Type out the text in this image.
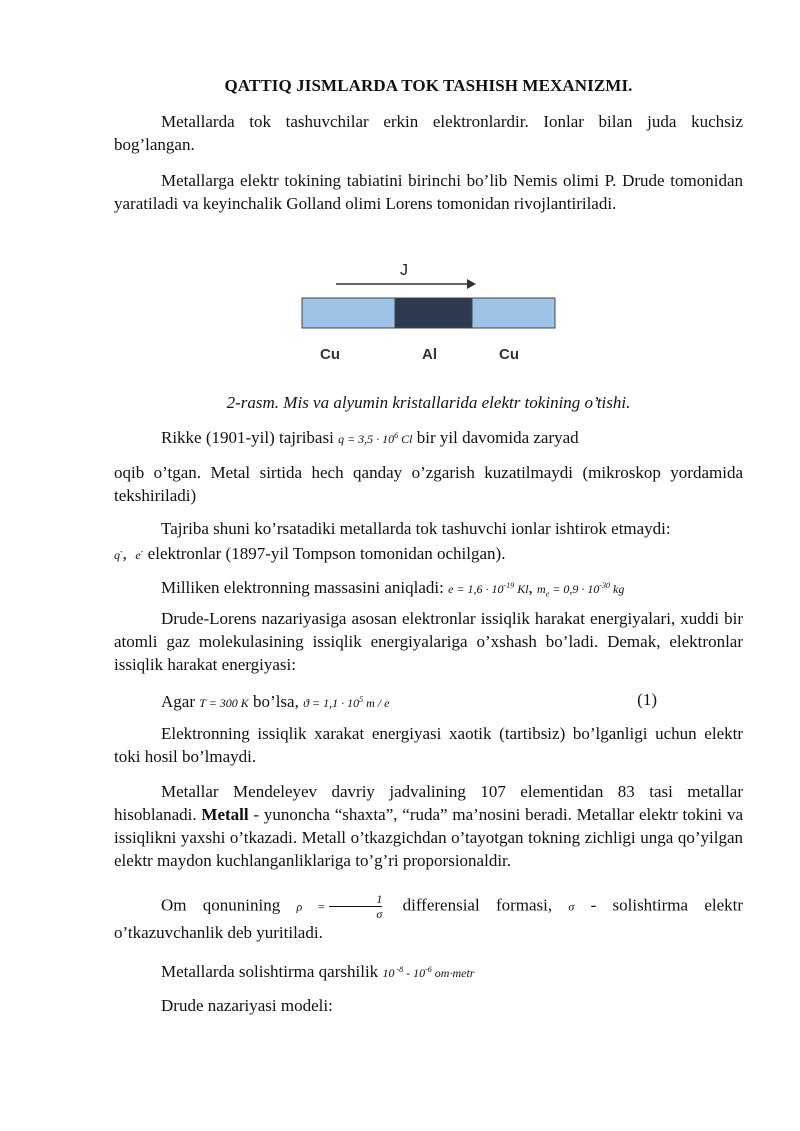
QATTIQ JISMLARDA TOK TASHISH MEXANIZMI.

Metallarda tok tashuvchilar erkin elektronlardir. Ionlar bilan juda kuchsiz bog’langan.

Metallarga elektr tokining tabiatini birinchi bo’lib Nemis olimi P. Drude tomonidan yaratiladi va keyinchalik Golland olimi Lorens tomonidan rivojlantiriladi.

J
Cu	Al	Cu
2-rasm. Mis va alyumin kristallarida elektr tokining o’tishi.

Rikke (1901-yil) tajribasi $q = 3,5 \cdot 10^6$ Cl bir yil davomida zaryad

oqib o’tgan. Metal sirtida hech qanday o’zgarish kuzatilmaydi (mikroskop yordamida tekshiriladi)

Tajriba shuni ko’rsatadiki metallarda tok tashuvchi ionlar ishtirok etmaydi:
q-,  e- elektronlar (1897-yil Tompson tomonidan ochilgan).

Milliken elektronning massasini aniqladi: $e = 1,6 \cdot 10^{-19}$ Kl, $m_e = 0,9 \cdot 10^{-30}$ kg

Drude-Lorens nazariyasiga asosan elektronlar issiqlik harakat energiyalari, xuddi bir atomli gaz molekulasining issiqlik energiyalariga o’xshash bo’ladi. Demak, elektronlar issiqlik harakat energiyasi:

Agar T = 300 K bo’lsa, $ϑ = 1,1 \cdot 10^5$ m / e	(1)

Elektronning issiqlik xarakat energiyasi xaotik (tartibsiz) bo’lganligi uchun elektr toki hosil bo’lmaydi.

Metallar Mendeleyev davriy jadvalining 107 elementidan 83 tasi metallar hisoblanadi. Metall - yunoncha “shaxta”, “ruda” ma’nosini beradi. Metallar elektr tokini va issiqlikni yaxshi o’tkazadi. Metall o’tkazgichdan o’tayotgan tokning zichligi unga qo’yilgan elektr maydon kuchlanganliklariga to’g’ri proporsionaldir.

Om qonunining $\rho = \frac{1}{\sigma}$ differensial formasi, σ - solishtirma elektr o’tkazuvchanlik deb yuritiladi.

Metallarda solishtirma qarshilik 10 $^{-8} - 10^{-6}$ om·metr

Drude nazariyasi modeli:
